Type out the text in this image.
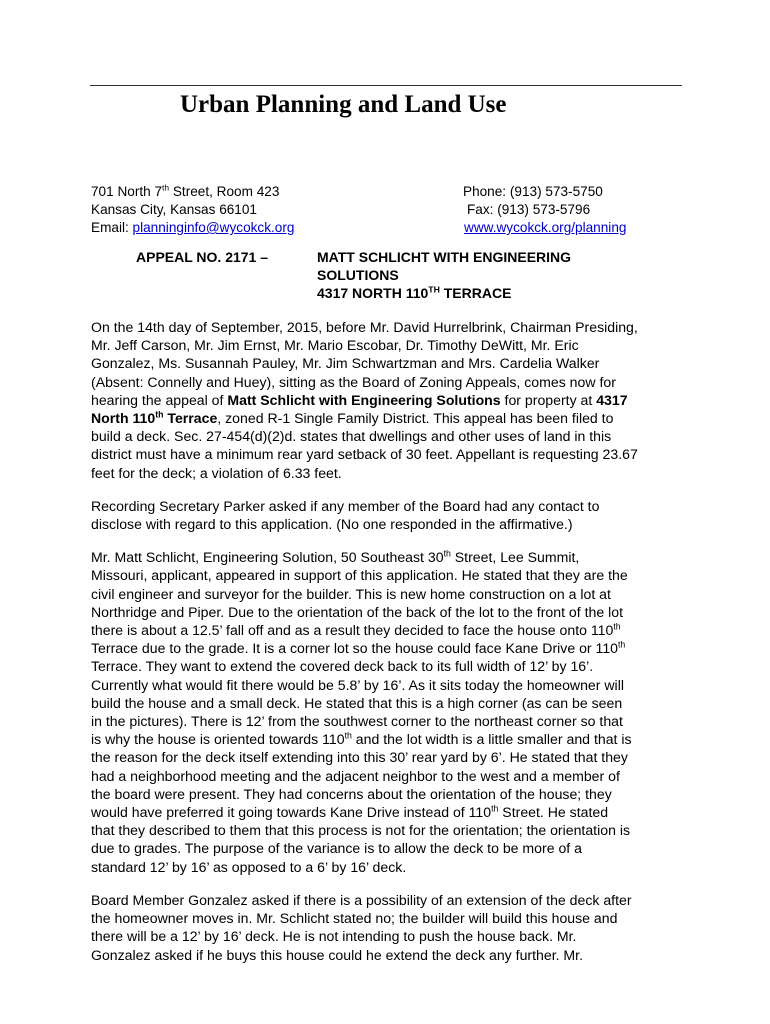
Urban Planning and Land Use
701 North 7th Street, Room 423
Kansas City, Kansas 66101
Email: planninginfo@wycokck.org
Phone: (913) 573-5750
Fax: (913) 573-5796
www.wycokck.org/planning
APPEAL NO. 2171 –	MATT SCHLICHT WITH ENGINEERING
SOLUTIONS
4317 NORTH 110TH TERRACE

On the 14th day of September, 2015, before Mr. David Hurrelbrink, Chairman Presiding,
Mr. Jeff Carson, Mr. Jim Ernst, Mr. Mario Escobar, Dr. Timothy DeWitt, Mr. Eric
Gonzalez, Ms. Susannah Pauley, Mr. Jim Schwartzman and Mrs. Cardelia Walker
(Absent: Connelly and Huey), sitting as the Board of Zoning Appeals, comes now for
hearing the appeal of Matt Schlicht with Engineering Solutions for property at 4317
North 110th Terrace, zoned R-1 Single Family District. This appeal has been filed to
build a deck. Sec. 27-454(d)(2)d. states that dwellings and other uses of land in this
district must have a minimum rear yard setback of 30 feet. Appellant is requesting 23.67
feet for the deck; a violation of 6.33 feet.

Recording Secretary Parker asked if any member of the Board had any contact to
disclose with regard to this application. (No one responded in the affirmative.)

Mr. Matt Schlicht, Engineering Solution, 50 Southeast 30th Street, Lee Summit,
Missouri, applicant, appeared in support of this application. He stated that they are the
civil engineer and surveyor for the builder. This is new home construction on a lot at
Northridge and Piper. Due to the orientation of the back of the lot to the front of the lot
there is about a 12.5’ fall off and as a result they decided to face the house onto 110th
Terrace due to the grade. It is a corner lot so the house could face Kane Drive or 110th
Terrace. They want to extend the covered deck back to its full width of 12’ by 16’.
Currently what would fit there would be 5.8’ by 16’. As it sits today the homeowner will
build the house and a small deck. He stated that this is a high corner (as can be seen
in the pictures). There is 12’ from the southwest corner to the northeast corner so that
is why the house is oriented towards 110th and the lot width is a little smaller and that is
the reason for the deck itself extending into this 30’ rear yard by 6’. He stated that they
had a neighborhood meeting and the adjacent neighbor to the west and a member of
the board were present. They had concerns about the orientation of the house; they
would have preferred it going towards Kane Drive instead of 110th Street. He stated
that they described to them that this process is not for the orientation; the orientation is
due to grades. The purpose of the variance is to allow the deck to be more of a
standard 12’ by 16’ as opposed to a 6’ by 16’ deck.

Board Member Gonzalez asked if there is a possibility of an extension of the deck after
the homeowner moves in. Mr. Schlicht stated no; the builder will build this house and
there will be a 12’ by 16’ deck. He is not intending to push the house back. Mr.
Gonzalez asked if he buys this house could he extend the deck any further. Mr.
